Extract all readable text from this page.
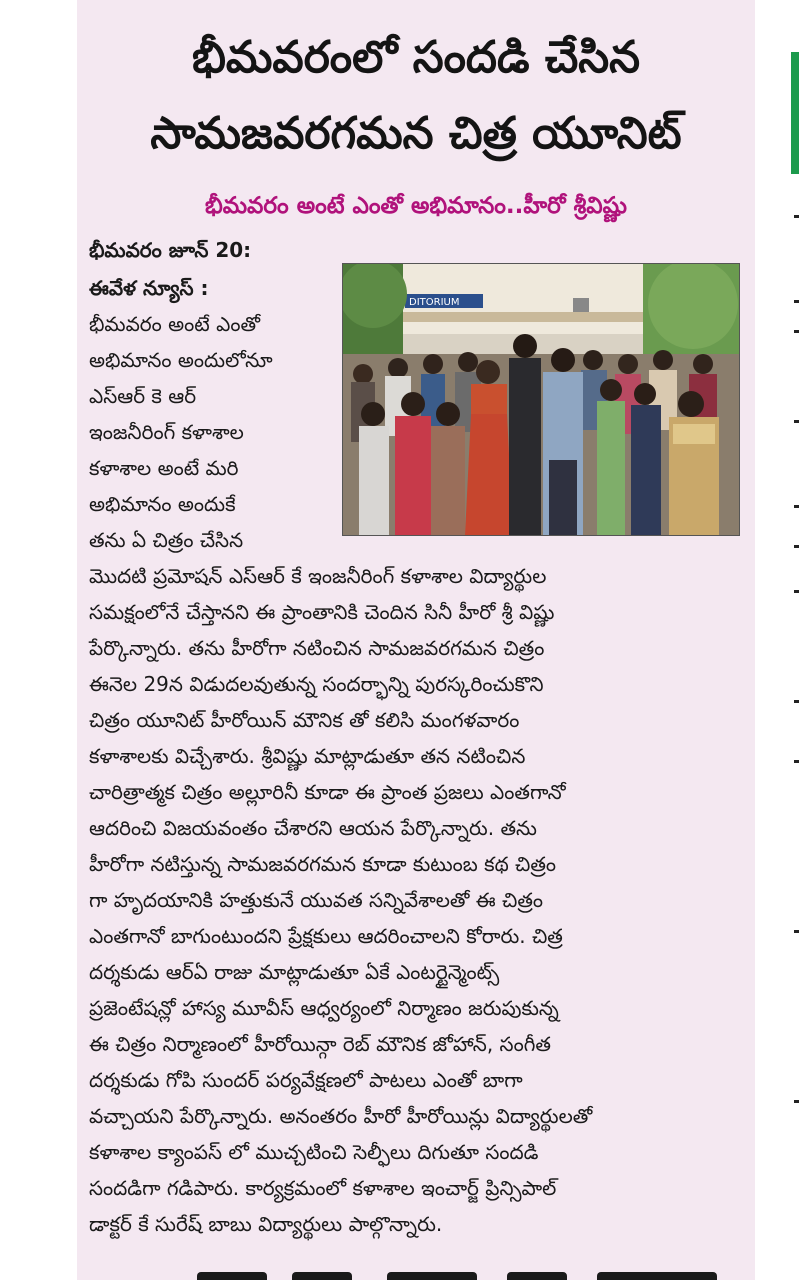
భీమవరంలో సందడి చేసిన
సామజవరగమన చిత్ర యూనిట్
భీమవరం అంటే ఎంతో అభిమానం..హీరో శ్రీవిష్ణు
భీమవరం జూన్ 20:
ఈవేళ న్యూస్ :
భీమవరం అంటే ఎంతో
అభిమానం అందులోనూ
ఎస్ఆర్ కె ఆర్
ఇంజనీరింగ్ కళాశాల
కళాశాల అంటే మరి
అభిమానం అందుకే
తను ఏ చిత్రం చేసిన
DITORIUM
మొదటి ప్రమోషన్ ఎస్ఆర్ కే ఇంజనీరింగ్ కళాశాల విద్యార్థుల
సమక్షంలోనే చేస్తానని ఈ ప్రాంతానికి చెందిన సినీ హీరో శ్రీ విష్ణు
పేర్కొన్నారు. తను హీరోగా నటించిన సామజవరగమన చిత్రం
ఈనెల 29న విడుదలవుతున్న సందర్భాన్ని పురస్కరించుకొని
చిత్రం యూనిట్ హీరోయిన్ మౌనిక తో కలిసి మంగళవారం
కళాశాలకు విచ్చేశారు. శ్రీవిష్ణు మాట్లాడుతూ తన నటించిన
చారిత్రాత్మక చిత్రం అల్లూరినీ కూడా ఈ ప్రాంత ప్రజలు ఎంతగానో
ఆదరించి విజయవంతం చేశారని ఆయన పేర్కొన్నారు. తను
హీరోగా నటిస్తున్న సామజవరగమన కూడా కుటుంబ కథ చిత్రం
గా హృదయానికి హత్తుకునే యువత సన్నివేశాలతో ఈ చిత్రం
ఎంతగానో బాగుంటుందని ప్రేక్షకులు ఆదరించాలని కోరారు. చిత్ర
దర్శకుడు ఆర్ఏ రాజు మాట్లాడుతూ ఏకే ఎంటర్టైన్మెంట్స్
ప్రజెంటేషన్లో హాస్య మూవీస్ ఆధ్వర్యంలో నిర్మాణం జరుపుకున్న
ఈ చిత్రం నిర్మాణంలో హీరోయిన్గా రెబ్ మౌనిక జోహాన్, సంగీత
దర్శకుడు గోపి సుందర్ పర్యవేక్షణలో పాటలు ఎంతో బాగా
వచ్చాయని పేర్కొన్నారు. అనంతరం హీరో హీరోయిన్లు విద్యార్థులతో
కళాశాల క్యాంపస్ లో ముచ్చటించి సెల్ఫీలు దిగుతూ సందడి
సందడిగా గడిపారు. కార్యక్రమంలో కళాశాల ఇంచార్జ్ ప్రిన్సిపాల్
డాక్టర్ కే సురేష్ బాబు విద్యార్థులు పాల్గొన్నారు.
